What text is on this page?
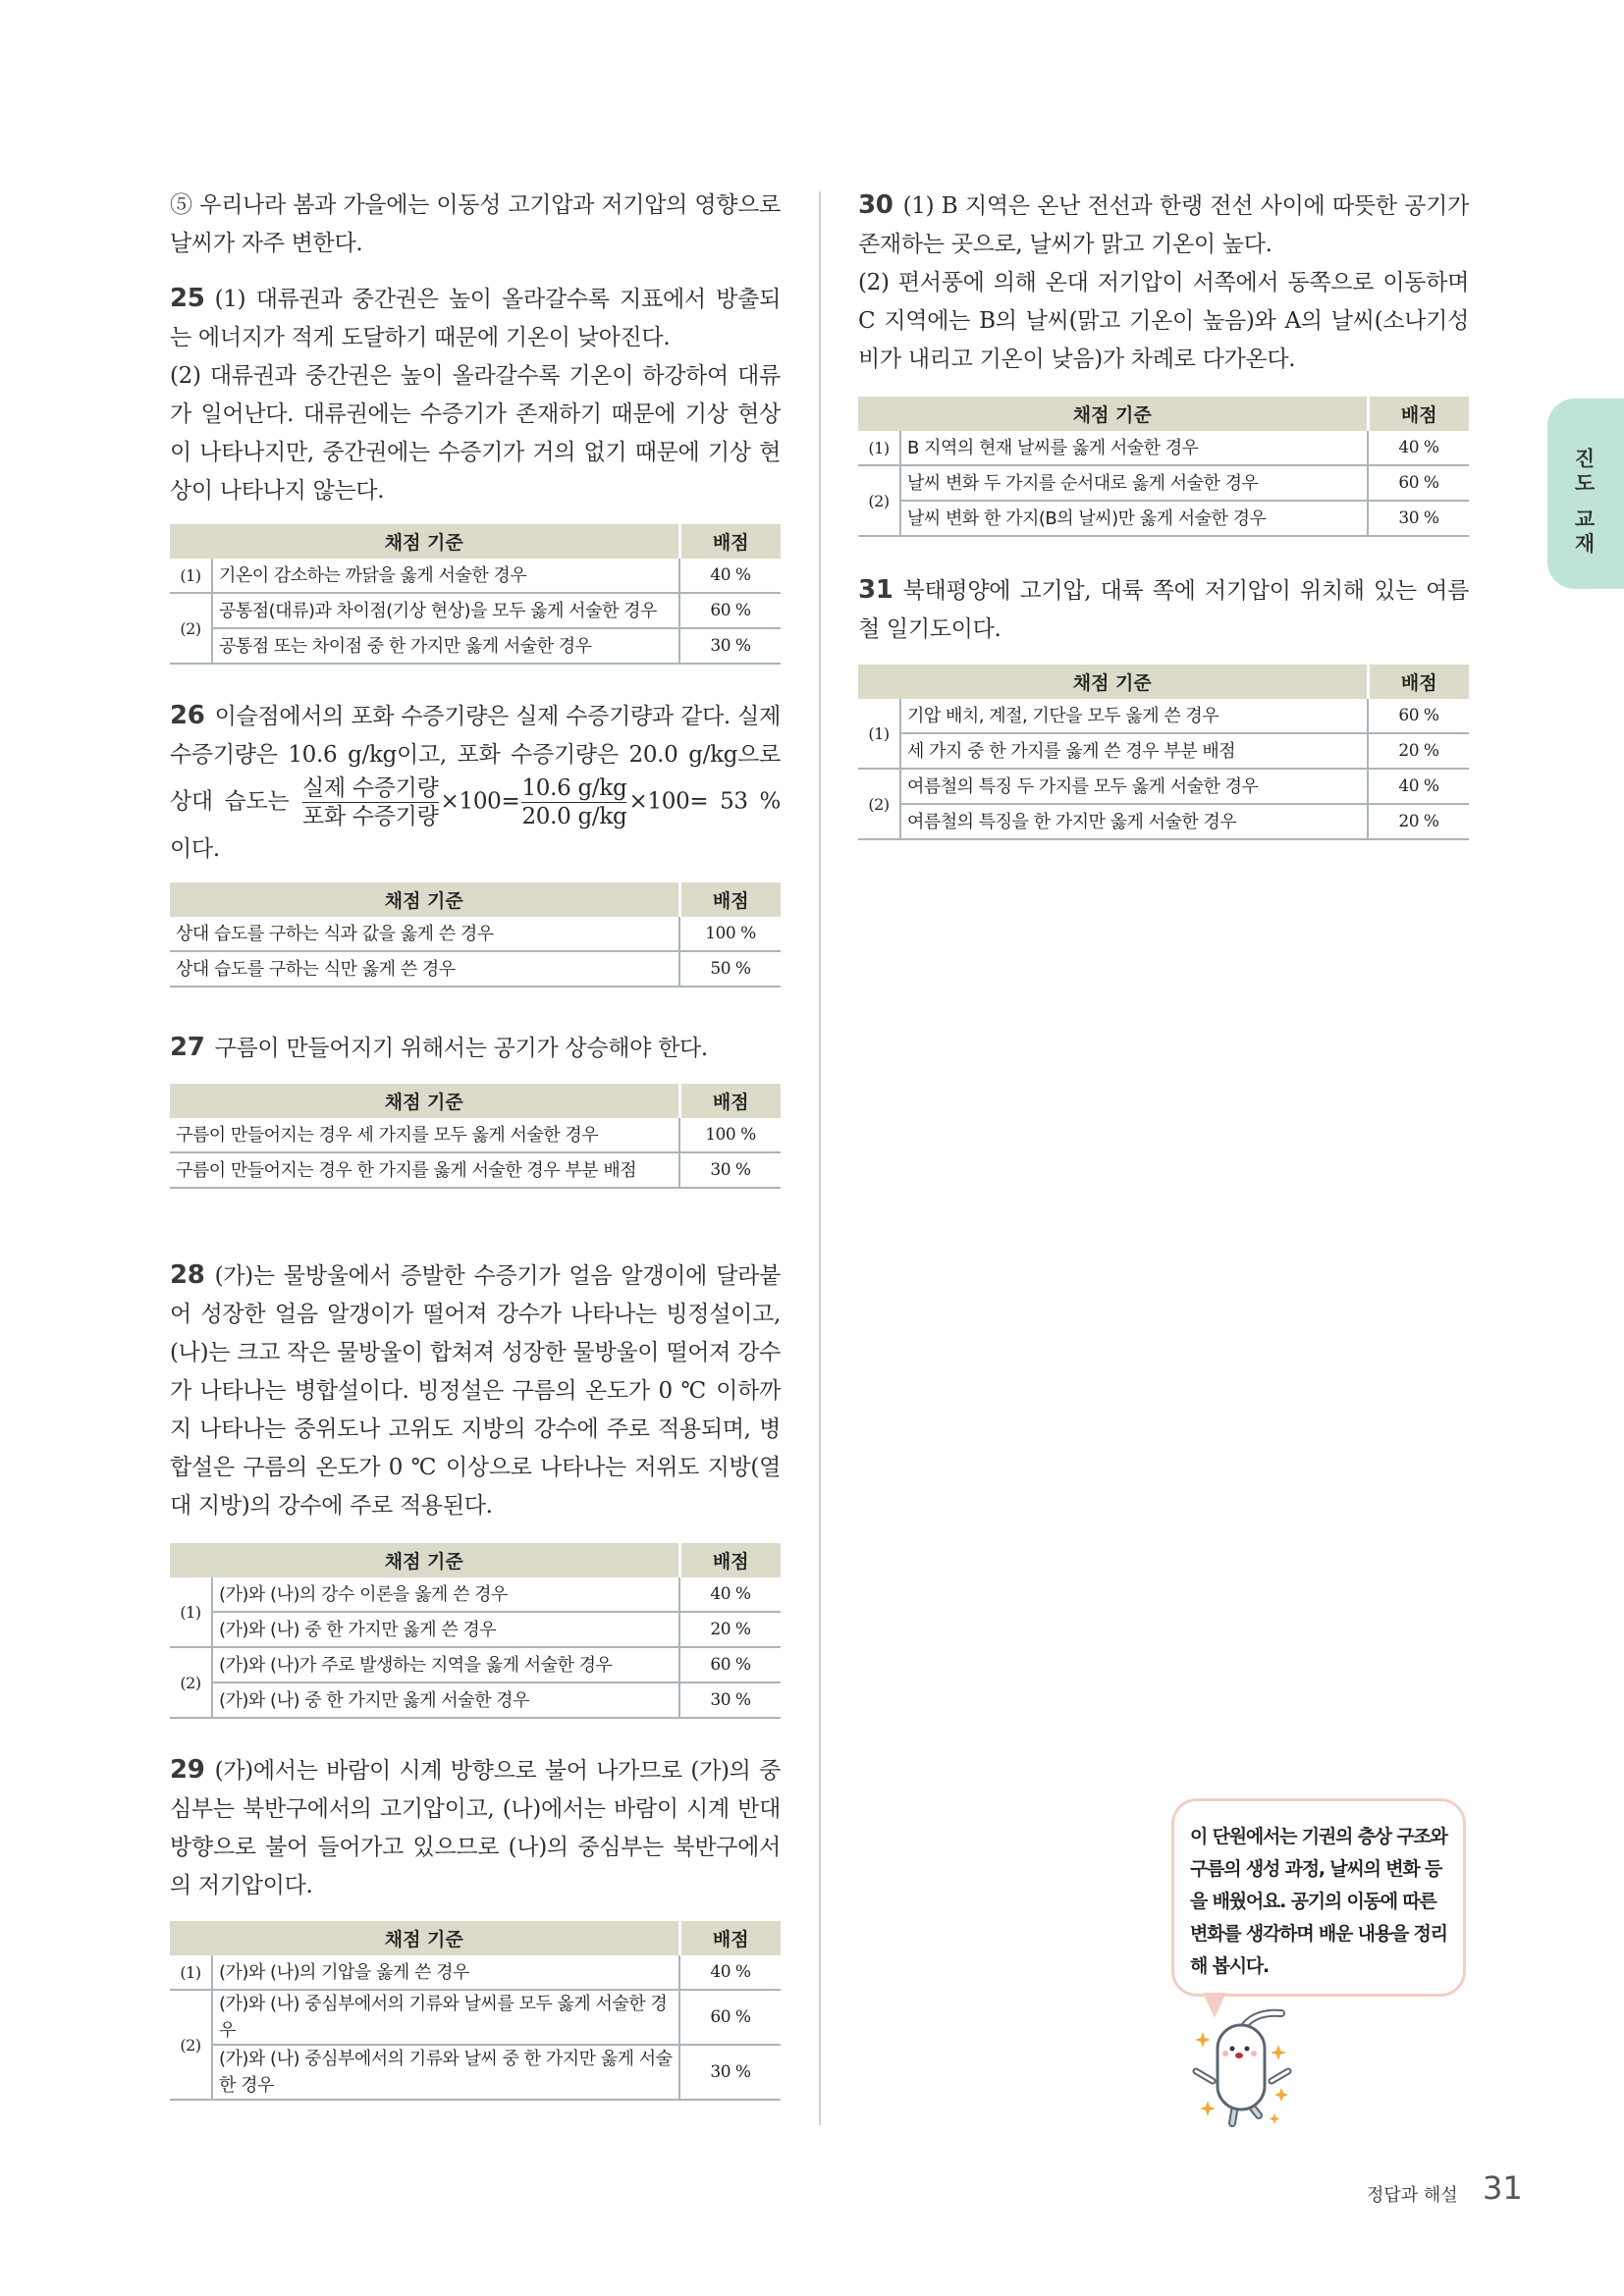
⑤ 우리나라 봄과 가을에는 이동성 고기압과 저기압의 영향으로 날씨가 자주 변한다.

25 (1) 대류권과 중간권은 높이 올라갈수록 지표에서 방출되는 에너지가 적게 도달하기 때문에 기온이 낮아진다.

(2) 대류권과 중간권은 높이 올라갈수록 기온이 하강하여 대류가 일어난다. 대류권에는 수증기가 존재하기 때문에 기상 현상이 나타나지만, 중간권에는 수증기가 거의 없기 때문에 기상 현상이 나타나지 않는다.

채점 기준		배점
(1)	기온이 감소하는 까닭을 옳게 서술한 경우	40 %
(2)	공통점(대류)과 차이점(기상 현상)을 모두 옳게 서술한 경우	60 %
	공통점 또는 차이점 중 한 가지만 옳게 서술한 경우	30 %

26 이슬점에서의 포화 수증기량은 실제 수증기량과 같다. 실제 수증기량은 10.6 g/kg이고, 포화 수증기량은 20.0 g/kg으로 상대 습도는 $\frac{\text{실제 수증기량}}{\text{포화 수증기량}} \times 100= \frac{10.6 g/kg}{20.0 g/kg} \times 100= 53$ %이다.

채점 기준	배점
상대 습도를 구하는 식과 값을 옳게 쓴 경우	100 %
상대 습도를 구하는 식만 옳게 쓴 경우	50 %

27 구름이 만들어지기 위해서는 공기가 상승해야 한다.

채점 기준	배점
구름이 만들어지는 경우 세 가지를 모두 옳게 서술한 경우	100 %
구름이 만들어지는 경우 한 가지를 옳게 서술한 경우 부분 배점	30 %

28 (가)는 물방울에서 증발한 수증기가 얼음 알갱이에 달라붙어 성장한 얼음 알갱이가 떨어져 강수가 나타나는 빙정설이고, (나)는 크고 작은 물방울이 합쳐져 성장한 물방울이 떨어져 강수가 나타나는 병합설이다. 빙정설은 구름의 온도가 0 ℃ 이하까지 나타나는 중위도나 고위도 지방의 강수에 주로 적용되며, 병합설은 구름의 온도가 0 ℃ 이상으로 나타나는 저위도 지방(열대 지방)의 강수에 주로 적용된다.

채점 기준		배점
(1)	(가)와 (나)의 강수 이론을 옳게 쓴 경우	40 %
	(가)와 (나) 중 한 가지만 옳게 쓴 경우	20 %
(2)	(가)와 (나)가 주로 발생하는 지역을 옳게 서술한 경우	60 %
	(가)와 (나) 중 한 가지만 옳게 서술한 경우	30 %

29 (가)에서는 바람이 시계 방향으로 불어 나가므로 (가)의 중심부는 북반구에서의 고기압이고, (나)에서는 바람이 시계 반대 방향으로 불어 들어가고 있으므로 (나)의 중심부는 북반구에서의 저기압이다.

채점 기준		배점
(1)	(가)와 (나)의 기압을 옳게 쓴 경우	40 %
(2)	(가)와 (나) 중심부에서의 기류와 날씨를 모두 옳게 서술한 경우	60 %
	(가)와 (나) 중심부에서의 기류와 날씨 중 한 가지만 옳게 서술한 경우	30 %

30 (1) B 지역은 온난 전선과 한랭 전선 사이에 따뜻한 공기가 존재하는 곳으로, 날씨가 맑고 기온이 높다.

(2) 편서풍에 의해 온대 저기압이 서쪽에서 동쪽으로 이동하며 C 지역에는 B의 날씨(맑고 기온이 높음)와 A의 날씨(소나기성 비가 내리고 기온이 낮음)가 차례로 다가온다.

채점 기준		배점
(1)	B 지역의 현재 날씨를 옳게 서술한 경우	40 %
(2)	날씨 변화 두 가지를 순서대로 옳게 서술한 경우	60 %
	날씨 변화 한 가지(B의 날씨)만 옳게 서술한 경우	30 %

31 북태평양에 고기압, 대륙 쪽에 저기압이 위치해 있는 여름철 일기도이다.

채점 기준		배점
(1)	기압 배치, 계절, 기단을 모두 옳게 쓴 경우	60 %
	세 가지 중 한 가지를 옳게 쓴 경우 부분 배점	20 %
(2)	여름철의 특징 두 가지를 모두 옳게 서술한 경우	40 %
	여름철의 특징을 한 가지만 옳게 서술한 경우	20 %
진도 교재
이 단원에서는 기권의 층상 구조와 구름의 생성 과정, 날씨의 변화 등을 배웠어요. 공기의 이동에 따른 변화를 생각하며 배운 내용을 정리해 봅시다.
정답과 해설 31
